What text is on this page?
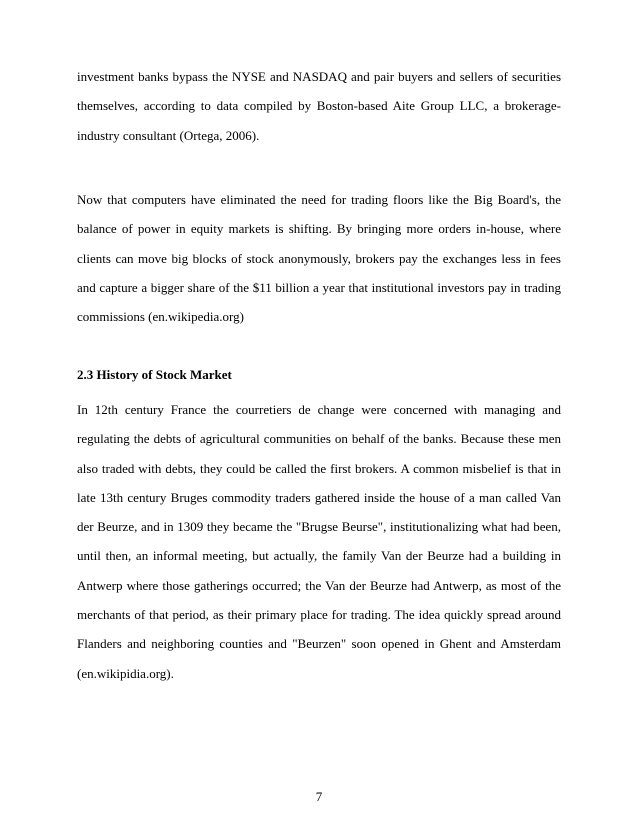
investment banks bypass the NYSE and NASDAQ and pair buyers and sellers of securities themselves, according to data compiled by Boston-based Aite Group LLC, a brokerage-industry consultant (Ortega, 2006).

Now that computers have eliminated the need for trading floors like the Big Board's, the balance of power in equity markets is shifting. By bringing more orders in-house, where clients can move big blocks of stock anonymously, brokers pay the exchanges less in fees and capture a bigger share of the $11 billion a year that institutional investors pay in trading commissions (en.wikipedia.org)

2.3 History of Stock Market

In 12th century France the courretiers de change were concerned with managing and regulating the debts of agricultural communities on behalf of the banks. Because these men also traded with debts, they could be called the first brokers. A common misbelief is that in late 13th century Bruges commodity traders gathered inside the house of a man called Van der Beurze, and in 1309 they became the "Brugse Beurse", institutionalizing what had been, until then, an informal meeting, but actually, the family Van der Beurze had a building in Antwerp where those gatherings occurred; the Van der Beurze had Antwerp, as most of the merchants of that period, as their primary place for trading. The idea quickly spread around Flanders and neighboring counties and "Beurzen" soon opened in Ghent and Amsterdam (en.wikipidia.org).

7
